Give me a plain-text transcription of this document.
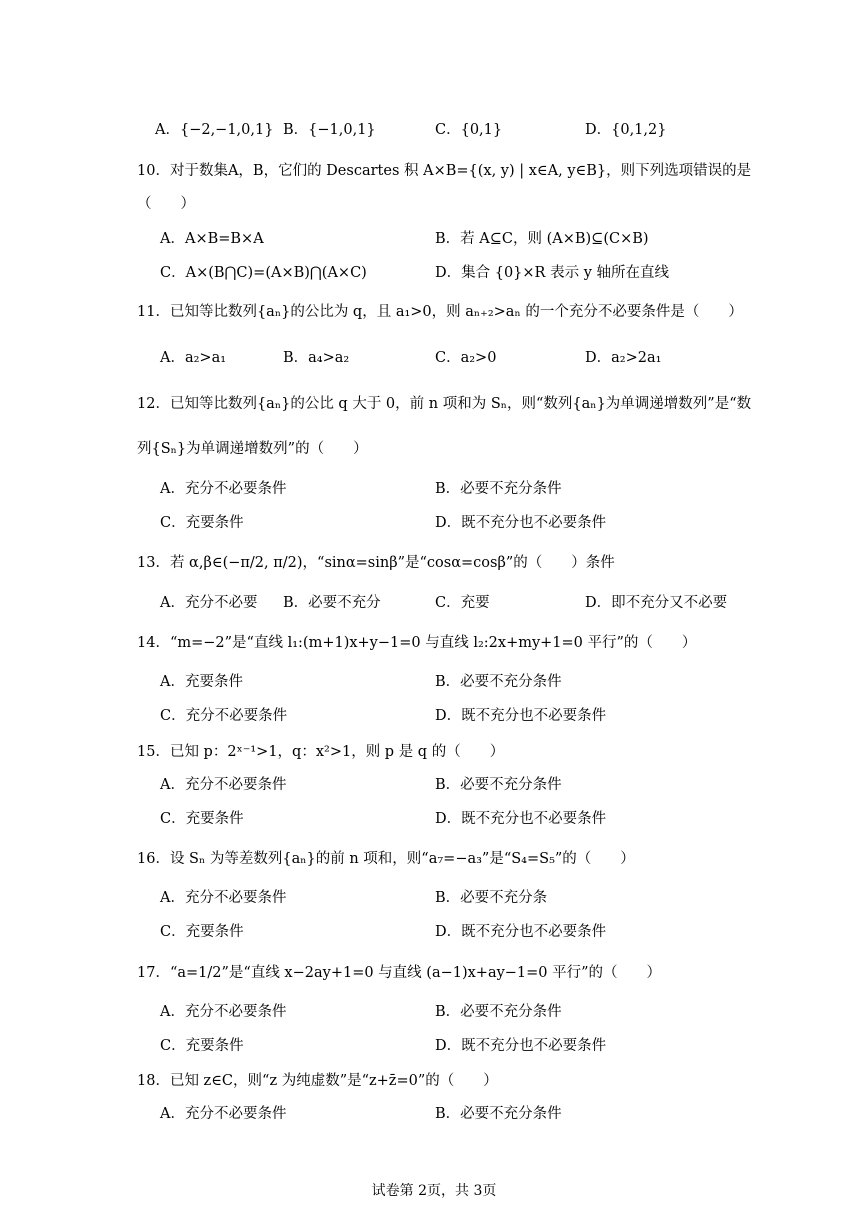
A．{−2,−1,0,1} B．{−1,0,1}	C．{0,1}	D．{0,1,2}
10．对于数集A，B，它们的 Descartes 积 A×B={(x, y) | x∈A, y∈B}，则下列选项错误的是
（　　）
A．A×B=B×A	B．若 A⊆C，则 (A×B)⊆(C×B)
C．A×(B⋂C)=(A×B)⋂(A×C)	D．集合 {0}×R 表示 y 轴所在直线
11．已知等比数列{aₙ}的公比为 q，且 a₁>0，则 aₙ₊₂>aₙ 的一个充分不必要条件是（　　）
A．a₂>a₁	B．a₄>a₂	C．a₂>0	D．a₂>2a₁
12．已知等比数列{aₙ}的公比 q 大于 0，前 n 项和为 Sₙ，则“数列{aₙ}为单调递增数列”是“数
列{Sₙ}为单调递增数列”的（　　）
A．充分不必要条件	B．必要不充分条件
C．充要条件	D．既不充分也不必要条件
13．若 α,β∈(−π/2, π/2)，“sinα=sinβ”是“cosα=cosβ”的（　　）条件
A．充分不必要 B．必要不充分	C．充要	D．即不充分又不必要
14．“m=−2”是“直线 l₁:(m+1)x+y−1=0 与直线 l₂:2x+my+1=0 平行”的（　　）
A．充要条件	B．必要不充分条件
C．充分不必要条件	D．既不充分也不必要条件
15．已知 p：2ˣ⁻¹>1，q：x²>1，则 p 是 q 的（　　）
A．充分不必要条件	B．必要不充分条件
C．充要条件	D．既不充分也不必要条件
16．设 Sₙ 为等差数列{aₙ}的前 n 项和，则“a₇=−a₃”是“S₄=S₅”的（　　）
A．充分不必要条件	B．必要不充分条
C．充要条件	D．既不充分也不必要条件
17．“a=1/2”是“直线 x−2ay+1=0 与直线 (a−1)x+ay−1=0 平行”的（　　）
A．充分不必要条件	B．必要不充分条件
C．充要条件	D．既不充分也不必要条件
18．已知 z∈C，则“z 为纯虚数”是“z+z̄=0”的（　　）
A．充分不必要条件	B．必要不充分条件
试卷第 2页，共 3页
